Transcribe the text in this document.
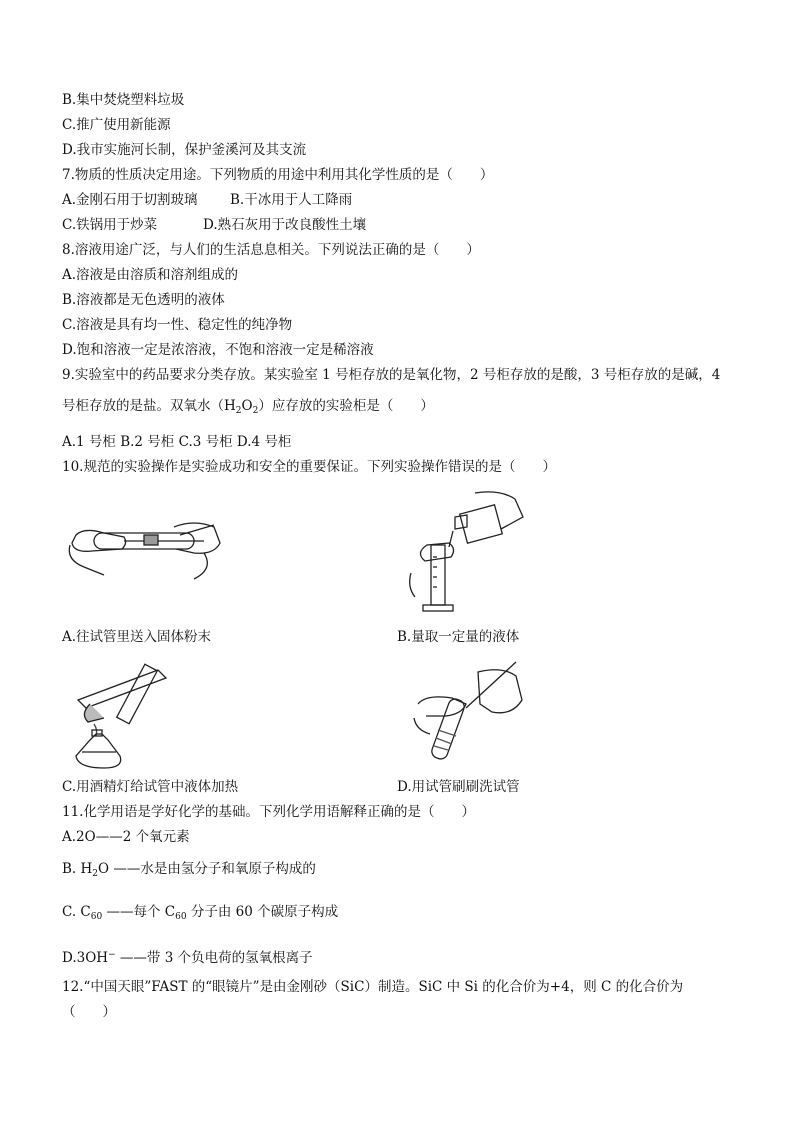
B.集中焚烧塑料垃圾
C.推广使用新能源
D.我市实施河长制，保护釜溪河及其支流
7.物质的性质决定用途。下列物质的用途中利用其化学性质的是（　　）
A.金刚石用于切割玻璃 B.干冰用于人工降雨
C.铁锅用于炒菜	D.熟石灰用于改良酸性土壤
8.溶液用途广泛，与人们的生活息息相关。下列说法正确的是（　　）
A.溶液是由溶质和溶剂组成的
B.溶液都是无色透明的液体
C.溶液是具有均一性、稳定性的纯净物
D.饱和溶液一定是浓溶液，不饱和溶液一定是稀溶液
9.实验室中的药品要求分类存放。某实验室 1 号柜存放的是氧化物，2 号柜存放的是酸，3 号柜存放的是碱，4
号柜存放的是盐。双氧水$(H_2O_2)$应存放的实验柜是（　　）
A.1 号柜 B.2 号柜 C.3 号柜 D.4 号柜
10.规范的实验操作是实验成功和安全的重要保证。下列实验操作错误的是（　　）
A.往试管里送入固体粉末	B.量取一定量的液体
C.用酒精灯给试管中液体加热	D.用试管刷刷洗试管
11.化学用语是学好化学的基础。下列化学用语解释正确的是（　　）
A.2O——2 个氧元素
B. $H_2O$ ——水是由氢分子和氧原子构成的
C. $C_{60}$ ——每个 $C_{60}$ 分子由 60 个碳原子构成
D.3OH− ——带 3 个负电荷的氢氧根离子
12.“中国天眼”FAST 的“眼镜片”是由金刚砂（SiC）制造。SiC 中 Si 的化合价为+4，则 C 的化合价为
（　　）
